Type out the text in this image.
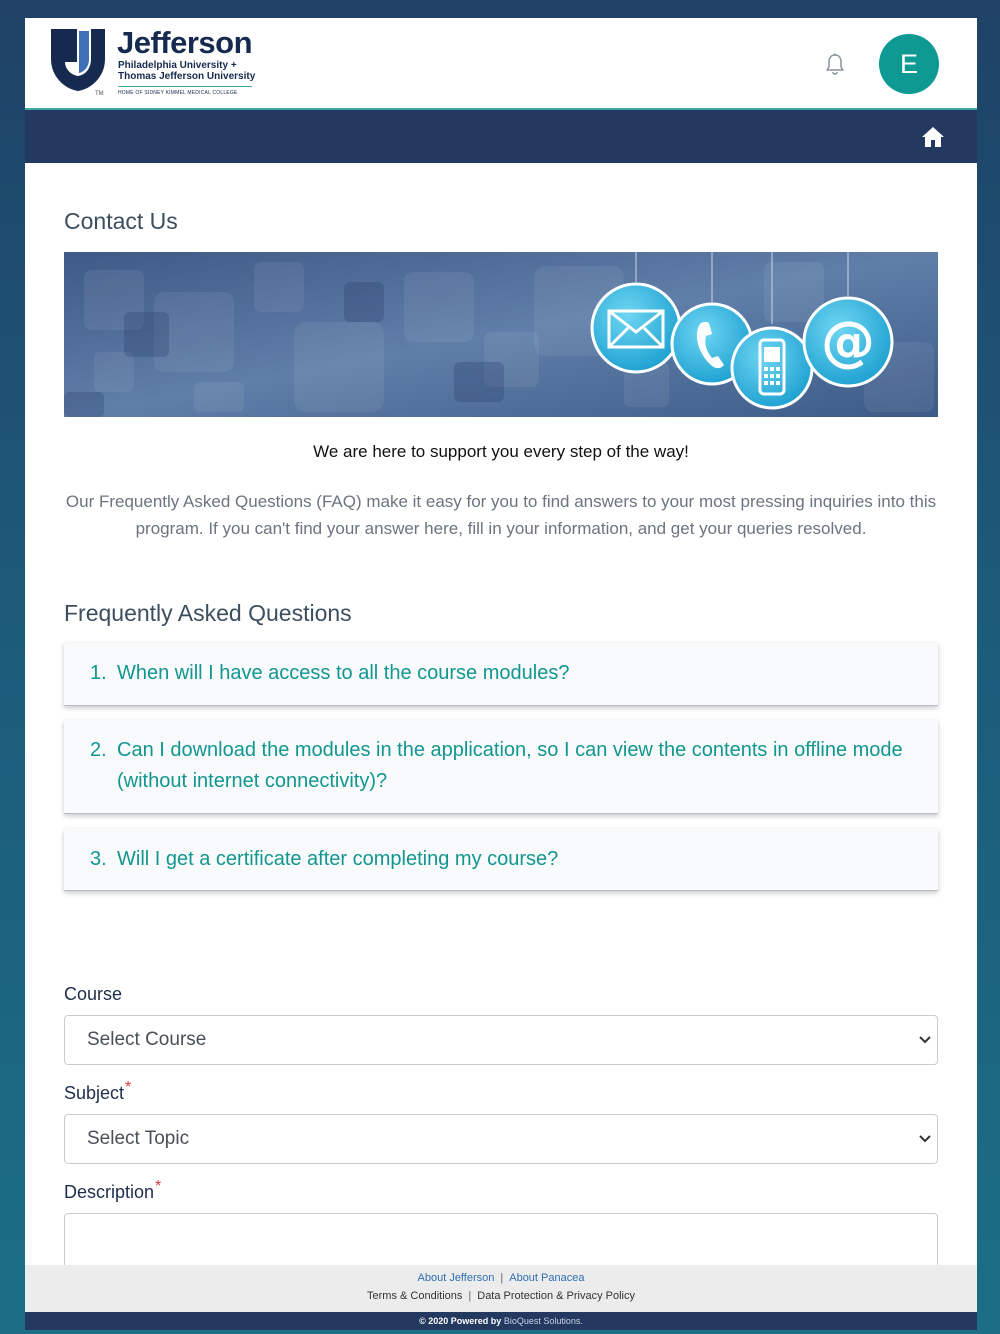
TM
Jefferson
Philadelphia University +
Thomas Jefferson University
HOME OF SIDNEY KIMMEL MEDICAL COLLEGE
E
Contact Us
@

We are here to support you every step of the way!

Our Frequently Asked Questions (FAQ) make it easy for you to find answers to your most pressing inquiries into this program. If you can't find your answer here, fill in your information, and get your queries resolved.

Frequently Asked Questions
1. When will I have access to all the course modules?
2. Can I download the modules in the application, so I can view the contents in offline mode (without internet connectivity)?
3. Will I get a certificate after completing my course?
Course
Select Course
Subject*
Select Topic
Description*
About Jefferson | About Panacea
Terms & Conditions | Data Protection & Privacy Policy
© 2020 Powered by BioQuest Solutions.
